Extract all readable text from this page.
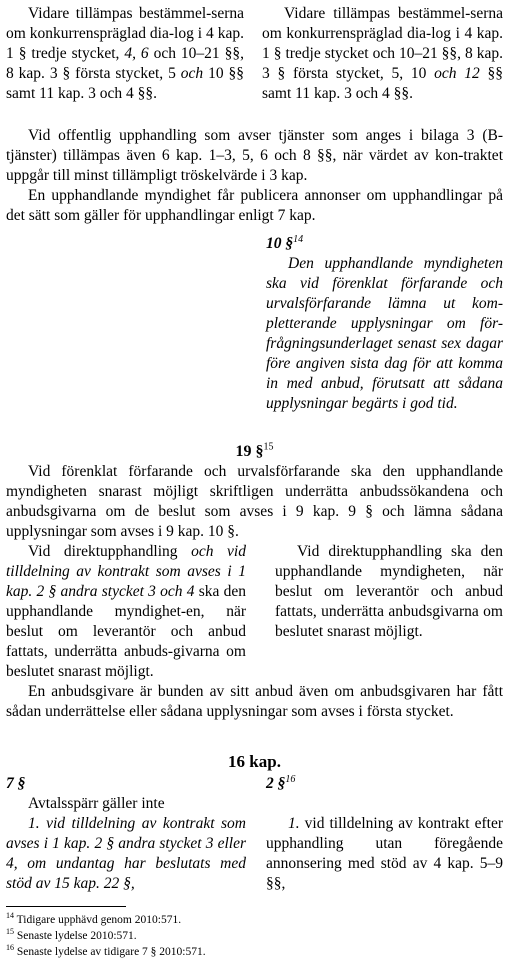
Vidare tillämpas bestämmel-serna om konkurrenspräglad dia-log i 4 kap. 1 § tredje stycket, 4, 6 och 10–21 §§, 8 kap. 3 § första stycket, 5 och 10 §§ samt 11 kap. 3 och 4 §§.
Vidare tillämpas bestämmel-serna om konkurrenspräglad dia-log i 4 kap. 1 § tredje stycket och 10–21 §§, 8 kap. 3 § första stycket, 5, 10 och 12 §§ samt 11 kap. 3 och 4 §§.

Vid offentlig upphandling som avser tjänster som anges i bilaga 3 (B-tjänster) tillämpas även 6 kap. 1–3, 5, 6 och 8 §§, när värdet av kon-traktet uppgår till minst tillämpligt tröskelvärde i 3 kap.

En upphandlande myndighet får publicera annonser om upphandlingar på det sätt som gäller för upphandlingar enligt 7 kap.

10 §$^{14}$
Den upphandlande myndigheten ska vid förenklat förfarande och urvalsförfarande lämna ut kom-pletterande upplysningar om för-frågningsunderlaget senast sex dagar före angiven sista dag för att komma in med anbud, förutsatt att sådana upplysningar begärts i god tid.
19 §$^{15}$

Vid förenklat förfarande och urvalsförfarande ska den upphandlande myndigheten snarast möjligt skriftligen underrätta anbudssökandena och anbudsgivarna om de beslut som avses i 9 kap. 9 § och lämna sådana upplysningar som avses i 9 kap. 10 §.

Vid direktupphandling och vid tilldelning av kontrakt som avses i 1 kap. 2 § andra stycket 3 och 4 ska den upphandlande myndighet-en, när beslut om leverantör och anbud fattats, underrätta anbuds-givarna om beslutet snarast möjligt.
Vid direktupphandling ska den upphandlande myndigheten, när beslut om leverantör och anbud fattats, underrätta anbudsgivarna om beslutet snarast möjligt.

En anbudsgivare är bunden av sitt anbud även om anbudsgivaren har fått sådan underrättelse eller sådana upplysningar som avses i första stycket.

16 kap.
7 §	2 §$^{16}$
Avtalsspärr gäller inte
1. vid tilldelning av kontrakt som avses i 1 kap. 2 § andra stycket 3 eller 4, om undantag har beslutats med stöd av 15 kap. 22 §,
1. vid tilldelning av kontrakt efter upphandling utan föregående annonsering med stöd av 4 kap. 5–9 §§,
$^{14}$ Tidigare upphävd genom 2010:571.
$^{15}$ Senaste lydelse 2010:571.
$^{16}$ Senaste lydelse av tidigare 7 § 2010:571.
